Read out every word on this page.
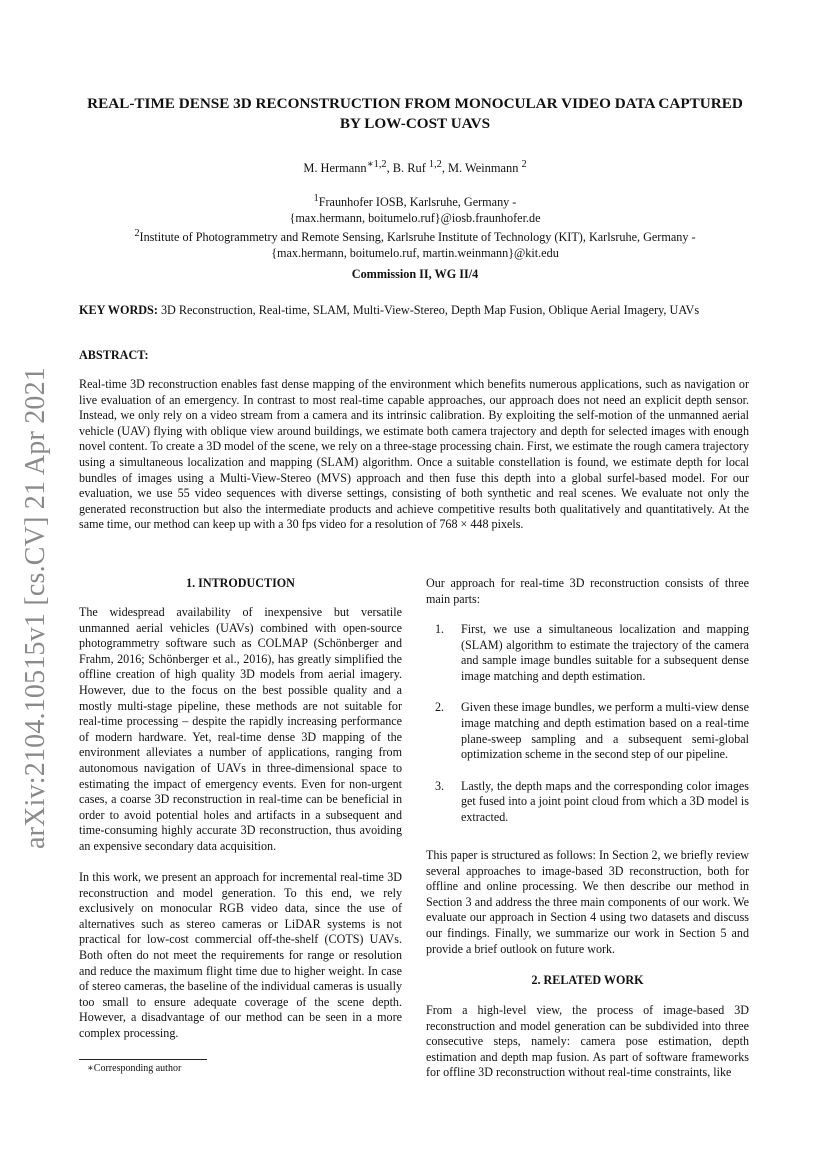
arXiv:2104.10515v1 [cs.CV] 21 Apr 2021
REAL-TIME DENSE 3D RECONSTRUCTION FROM MONOCULAR VIDEO DATA CAPTURED BY LOW-COST UAVS
M. Hermann$^{∗1,2}$, B. Ruf $^{1,2}$, M. Weinmann $^2$
$^1$Fraunhofer IOSB, Karlsruhe, Germany -
{max.hermann, boitumelo.ruf}@iosb.fraunhofer.de
$^2$Institute of Photogrammetry and Remote Sensing, Karlsruhe Institute of Technology (KIT), Karlsruhe, Germany -
{max.hermann, boitumelo.ruf, martin.weinmann}@kit.edu
Commission II, WG II/4
KEY WORDS: 3D Reconstruction, Real-time, SLAM, Multi-View-Stereo, Depth Map Fusion, Oblique Aerial Imagery, UAVs
ABSTRACT:
Real-time 3D reconstruction enables fast dense mapping of the environment which benefits numerous applications, such as navigation or live evaluation of an emergency. In contrast to most real-time capable approaches, our approach does not need an explicit depth sensor. Instead, we only rely on a video stream from a camera and its intrinsic calibration. By exploiting the self-motion of the unmanned aerial vehicle (UAV) flying with oblique view around buildings, we estimate both camera trajectory and depth for selected images with enough novel content. To create a 3D model of the scene, we rely on a three-stage processing chain. First, we estimate the rough camera trajectory using a simultaneous localization and mapping (SLAM) algorithm. Once a suitable constellation is found, we estimate depth for local bundles of images using a Multi-View-Stereo (MVS) approach and then fuse this depth into a global surfel-based model. For our evaluation, we use 55 video sequences with diverse settings, consisting of both synthetic and real scenes. We evaluate not only the generated reconstruction but also the intermediate products and achieve competitive results both qualitatively and quantitatively. At the same time, our method can keep up with a 30 fps video for a resolution of 768 × 448 pixels.
1. INTRODUCTION

The widespread availability of inexpensive but versatile unmanned aerial vehicles (UAVs) combined with open-source photogrammetry software such as COLMAP (Schönberger and Frahm, 2016; Schönberger et al., 2016), has greatly simplified the offline creation of high quality 3D models from aerial imagery. However, due to the focus on the best possible quality and a mostly multi-stage pipeline, these methods are not suitable for real-time processing – despite the rapidly increasing performance of modern hardware. Yet, real-time dense 3D mapping of the environment alleviates a number of applications, ranging from autonomous navigation of UAVs in three-dimensional space to estimating the impact of emergency events. Even for non-urgent cases, a coarse 3D reconstruction in real-time can be beneficial in order to avoid potential holes and artifacts in a subsequent and time-consuming highly accurate 3D reconstruction, thus avoiding an expensive secondary data acquisition.

In this work, we present an approach for incremental real-time 3D reconstruction and model generation. To this end, we rely exclusively on monocular RGB video data, since the use of alternatives such as stereo cameras or LiDAR systems is not practical for low-cost commercial off-the-shelf (COTS) UAVs. Both often do not meet the requirements for range or resolution and reduce the maximum flight time due to higher weight. In case of stereo cameras, the baseline of the individual cameras is usually too small to ensure adequate coverage of the scene depth. However, a disadvantage of our method can be seen in a more complex processing.

Our approach for real-time 3D reconstruction consists of three main parts:

1. First, we use a simultaneous localization and mapping (SLAM) algorithm to estimate the trajectory of the camera and sample image bundles suitable for a subsequent dense image matching and depth estimation.
2. Given these image bundles, we perform a multi-view dense image matching and depth estimation based on a real-time plane-sweep sampling and a subsequent semi-global optimization scheme in the second step of our pipeline.
3. Lastly, the depth maps and the corresponding color images get fused into a joint point cloud from which a 3D model is extracted.

This paper is structured as follows: In Section 2, we briefly review several approaches to image-based 3D reconstruction, both for offline and online processing. We then describe our method in Section 3 and address the three main components of our work. We evaluate our approach in Section 4 using two datasets and discuss our findings. Finally, we summarize our work in Section 5 and provide a brief outlook on future work.

2. RELATED WORK

From a high-level view, the process of image-based 3D reconstruction and model generation can be subdivided into three consecutive steps, namely: camera pose estimation, depth estimation and depth map fusion. As part of software frameworks for offline 3D reconstruction without real-time constraints, like

∗Corresponding author
